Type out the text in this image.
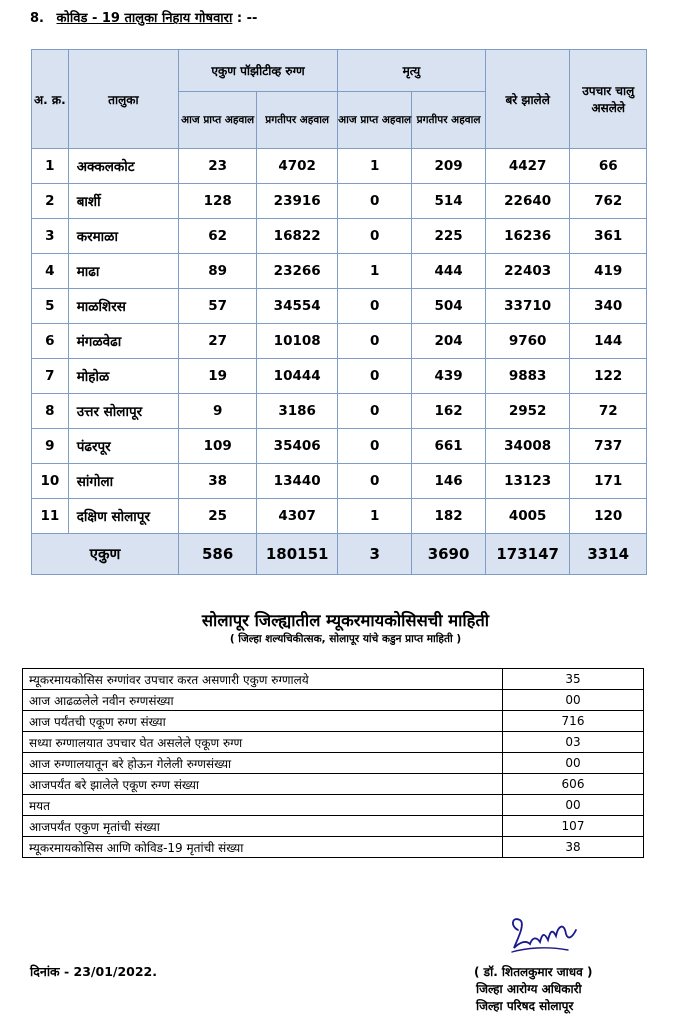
8. कोविड - 19 तालुका निहाय गोषवारा : --
अ. क्र.	तालुका	एकुण पॉझीटीव्ह रुग्ण		मृत्यु		बरे झालेले	उपचार चालु असलेले
		आज प्राप्त अहवाल	प्रगतीपर अहवाल	आज प्राप्त अहवाल	प्रगतीपर अहवाल		
1	अक्कलकोट	23	4702	1	209	4427	66
2	बार्शी	128	23916	0	514	22640	762
3	करमाळा	62	16822	0	225	16236	361
4	माढा	89	23266	1	444	22403	419
5	माळशिरस	57	34554	0	504	33710	340
6	मंगळवेढा	27	10108	0	204	9760	144
7	मोहोळ	19	10444	0	439	9883	122
8	उत्तर सोलापूर	9	3186	0	162	2952	72
9	पंढरपूर	109	35406	0	661	34008	737
10	सांगोला	38	13440	0	146	13123	171
11	दक्षिण सोलापूर	25	4307	1	182	4005	120
एकुण		586	180151	3	3690	173147	3314
सोलापूर जिल्ह्यातील म्यूकरमायकोसिसची माहिती
( जिल्हा शल्यचिकीत्सक, सोलापूर यांचे कडुन प्राप्त माहिती )
म्यूकरमायकोसिस रुग्णांवर उपचार करत असणारी एकुण रुग्णालये	35
आज आढळलेले नवीन रुग्णसंख्या	00
आज पर्यंतची एकूण रुग्ण संख्या	716
सध्या रुग्णालयात उपचार घेत असलेले एकूण रुग्ण	03
आज रुग्णालयातून बरे होऊन गेलेली रुग्णसंख्या	00
आजपर्यंत बरे झालेले एकूण रुग्ण संख्या	606
मयत	00
आजपर्यंत एकुण मृतांची संख्या	107
म्यूकरमायकोसिस आणि कोविड-19 मृतांची संख्या	38
दिनांक - 23/01/2022.	( डॉ. शितलकुमार जाधव )
जिल्हा आरोग्य अधिकारी
जिल्हा परिषद सोलापूर
